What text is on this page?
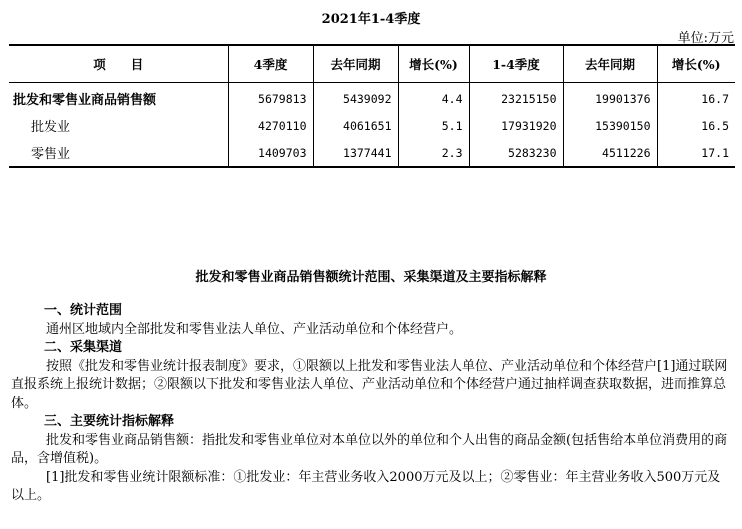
2021年1-4季度
单位:万元
项　　目	4季度	去年同期	增长(%)	1-4季度	去年同期	增长(%)
批发和零售业商品销售额	5679813	5439092	4.4	23215150	19901376	16.7
批发业	4270110	4061651	5.1	17931920	15390150	16.5
零售业	1409703	1377441	2.3	5283230	4511226	17.1
批发和零售业商品销售额统计范围、采集渠道及主要指标解释
一、统计范围
通州区地域内全部批发和零售业法人单位、产业活动单位和个体经营户。
二、采集渠道
按照《批发和零售业统计报表制度》要求，①限额以上批发和零售业法人单位、产业活动单位和个体经营户[1]通过联网直报系统上报统计数据；②限额以下批发和零售业法人单位、产业活动单位和个体经营户通过抽样调查获取数据，进而推算总体。
三、主要统计指标解释
批发和零售业商品销售额：指批发和零售业单位对本单位以外的单位和个人出售的商品金额(包括售给本单位消费用的商品，含增值税)。
[1]批发和零售业统计限额标准：①批发业：年主营业务收入2000万元及以上；②零售业：年主营业务收入500万元及以上。
